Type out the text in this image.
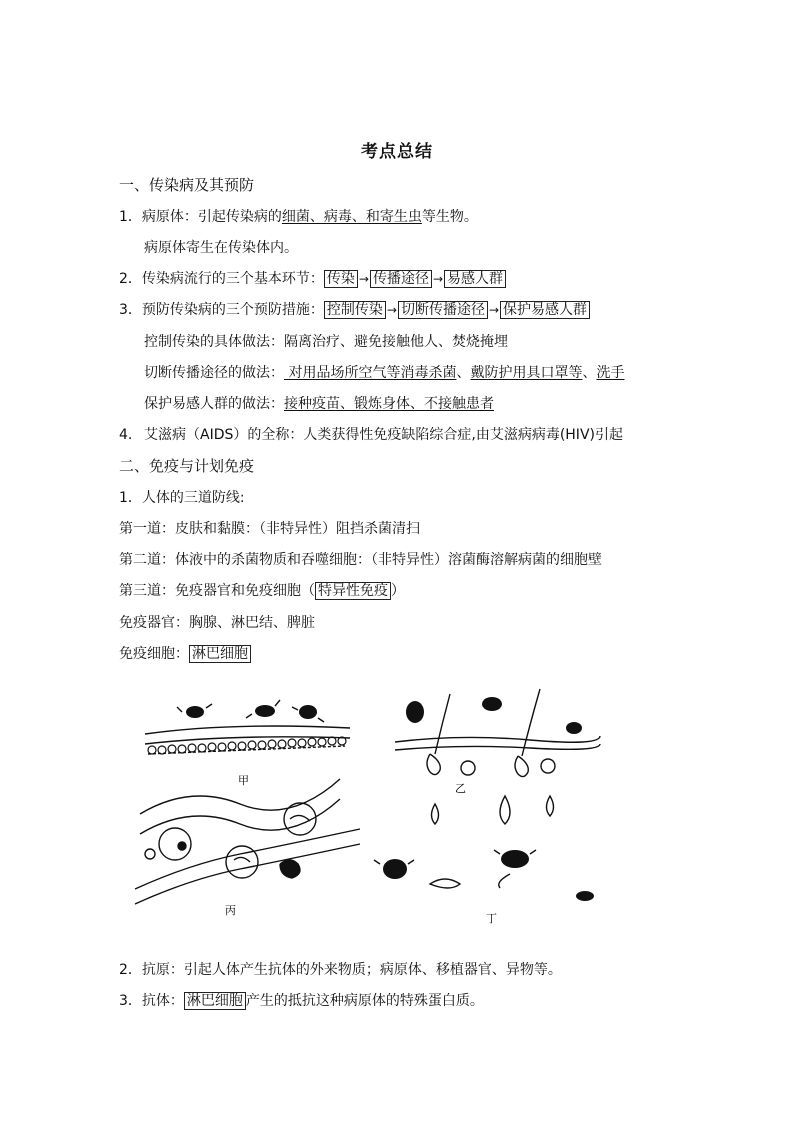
考点总结
一、传染病及其预防
1．病原体：引起传染病的细菌、病毒、和寄生虫等生物。
病原体寄生在传染体内。
2．传染病流行的三个基本环节： 传染 → 传播途径 → 易感人群
3．预防传染病的三个预防措施： 控制传染 → 切断传播途径 → 保护易感人群
控制传染的具体做法：隔离治疗、避免接触他人、焚烧掩埋
切断传播途径的做法： 对用品场所空气等消毒杀菌、戴防护用具口罩等、洗手
保护易感人群的做法：接种疫苗、锻炼身体、不接触患者
4. 艾滋病（AIDS）的全称：人类获得性免疫缺陷综合症,由艾滋病病毒(HIV)引起
二、免疫与计划免疫
1．人体的三道防线:
第一道：皮肤和黏膜：（非特异性）阻挡杀菌清扫
第二道：体液中的杀菌物质和吞噬细胞：（非特异性）溶菌酶溶解病菌的细胞壁
第三道：免疫器官和免疫细胞（ 特异性免疫 ）
免疫器官：胸腺、淋巴结、脾脏
免疫细胞： 淋巴细胞
甲
乙
丙
丁
2．抗原：引起人体产生抗体的外来物质；病原体、移植器官、异物等。
3．抗体： 淋巴细胞 产生的抵抗这种病原体的特殊蛋白质。
